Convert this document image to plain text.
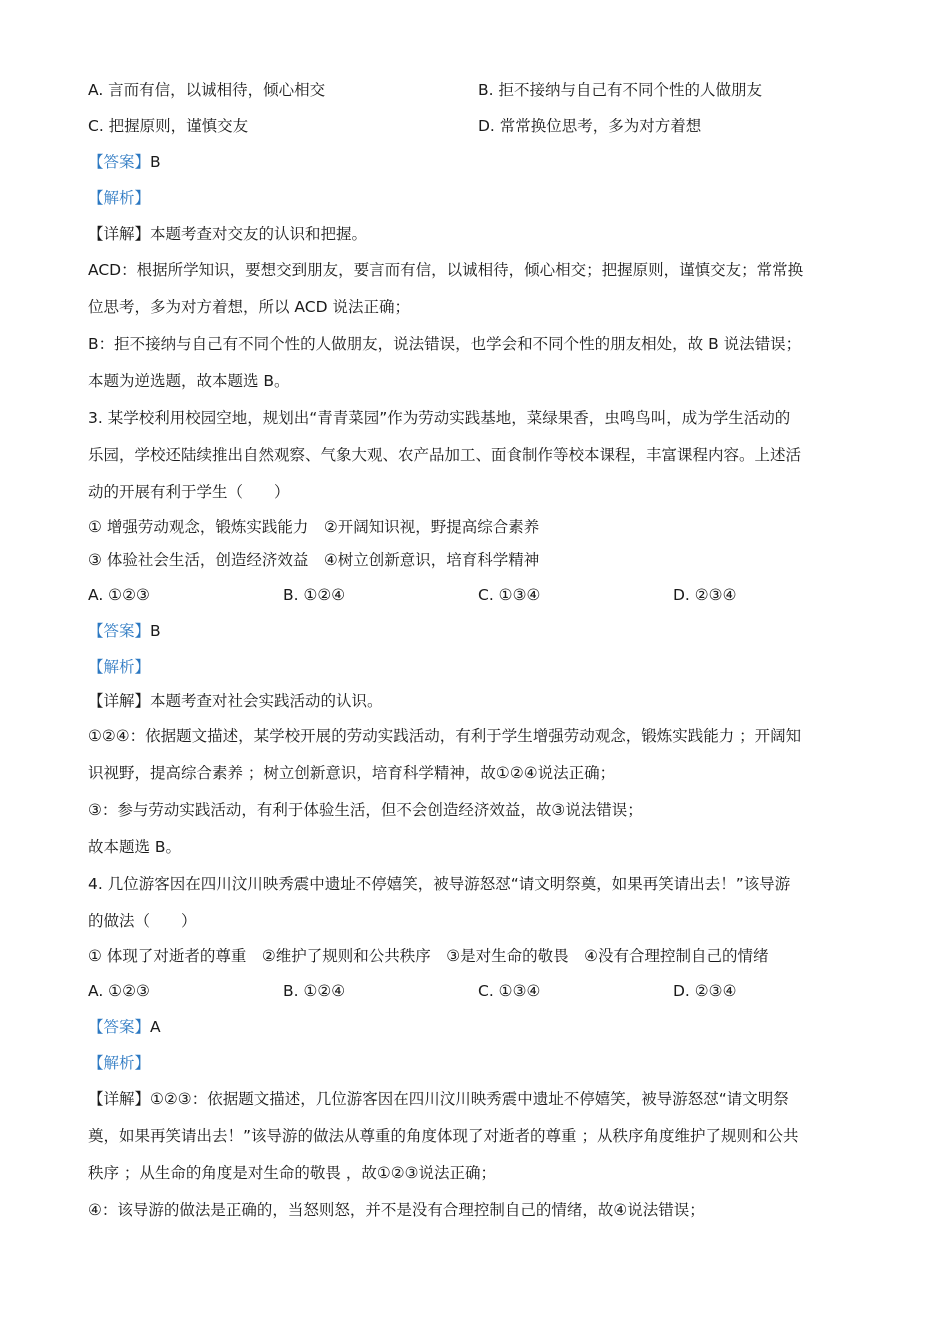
A. 言而有信，以诚相待，倾心相交	B. 拒不接纳与自己有不同个性的人做朋友
C. 把握原则，谨慎交友	D. 常常换位思考，多为对方着想
【答案】B
【解析】
【详解】本题考查对交友的认识和把握。
ACD：根据所学知识，要想交到朋友，要言而有信，以诚相待，倾心相交；把握原则，谨慎交友；常常换
位思考，多为对方着想，所以 ACD 说法正确；
B：拒不接纳与自己有不同个性的人做朋友，说法错误，也学会和不同个性的朋友相处，故 B 说法错误；
本题为逆选题，故本题选 B。
3. 某学校利用校园空地，规划出“青青菜园”作为劳动实践基地，菜绿果香，虫鸣鸟叫，成为学生活动的
乐园，学校还陆续推出自然观察、气象大观、农产品加工、面食制作等校本课程，丰富课程内容。上述活
动的开展有利于学生（　　）
① 增强劳动观念，锻炼实践能力　②开阔知识视，野提高综合素养
③ 体验社会生活，创造经济效益　④树立创新意识，培育科学精神
A. ①②③	B. ①②④	C. ①③④	D. ②③④
【答案】B
【解析】
【详解】本题考查对社会实践活动的认识。
①②④：依据题文描述，某学校开展的劳动实践活动，有利于学生增强劳动观念，锻炼实践能力 ；开阔知
识视野，提高综合素养 ；树立创新意识，培育科学精神，故①②④说法正确；
③：参与劳动实践活动，有利于体验生活，但不会创造经济效益，故③说法错误；
故本题选 B。
4. 几位游客因在四川汶川映秀震中遗址不停嬉笑，被导游怒怼“请文明祭奠，如果再笑请出去！”该导游
的做法（　　）
① 体现了对逝者的尊重　②维护了规则和公共秩序　③是对生命的敬畏　④没有合理控制自己的情绪
A. ①②③	B. ①②④	C. ①③④	D. ②③④
【答案】A
【解析】
【详解】①②③：依据题文描述，几位游客因在四川汶川映秀震中遗址不停嬉笑，被导游怒怼“请文明祭
奠，如果再笑请出去！”该导游的做法从尊重的角度体现了对逝者的尊重 ；从秩序角度维护了规则和公共
秩序 ；从生命的角度是对生命的敬畏 ，故①②③说法正确；
④：该导游的做法是正确的，当怒则怒，并不是没有合理控制自己的情绪，故④说法错误；
